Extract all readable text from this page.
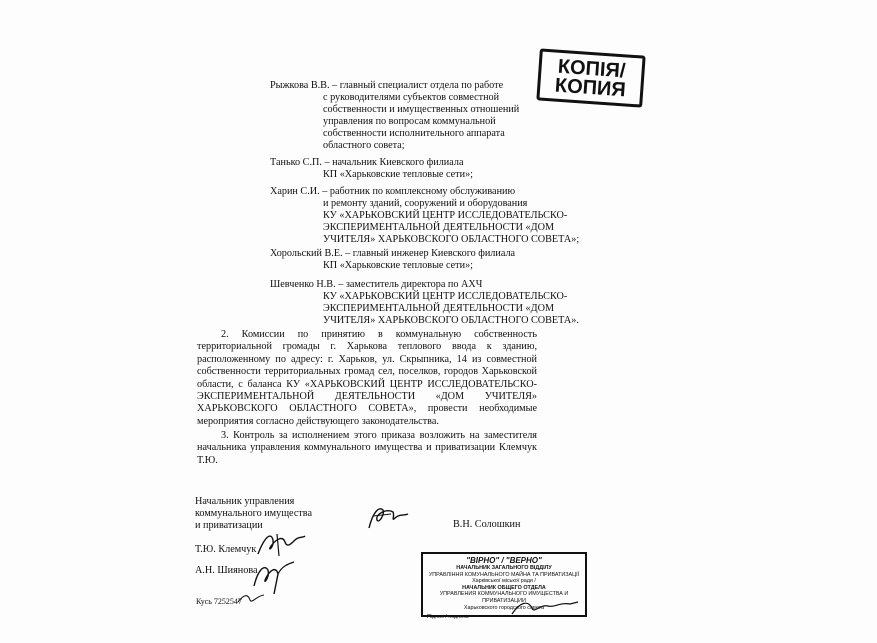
КОПІЯ/
КОПИЯ
Рыжкова В.В. – главный специалист отдела по работе
с руководителями субъектов совместной
собственности и имущественных отношений
управления по вопросам коммунальной
собственности исполнительного аппарата
областного совета;
Танько С.П. – начальник Киевского филиала
КП «Харьковские тепловые сети»;
Харин С.И. – работник по комплексному обслуживанию
и ремонту зданий, сооружений и оборудования
КУ «ХАРЬКОВСКИЙ ЦЕНТР ИССЛЕДОВАТЕЛЬСКО-
ЭКСПЕРИМЕНТАЛЬНОЙ ДЕЯТЕЛЬНОСТИ «ДОМ
УЧИТЕЛЯ» ХАРЬКОВСКОГО ОБЛАСТНОГО СОВЕТА»;
Хорольский В.Е. – главный инженер Киевского филиала
КП «Харьковские тепловые сети»;
Шевченко Н.В. – заместитель директора по АХЧ
КУ «ХАРЬКОВСКИЙ ЦЕНТР ИССЛЕДОВАТЕЛЬСКО-
ЭКСПЕРИМЕНТАЛЬНОЙ ДЕЯТЕЛЬНОСТИ «ДОМ
УЧИТЕЛЯ» ХАРЬКОВСКОГО ОБЛАСТНОГО СОВЕТА».
2. Комиссии по принятию в коммунальную собственность территориальной громады г. Харькова теплового ввода к зданию, расположенному по адресу: г. Харьков, ул. Скрыпника, 14 из совместной собственности территориальных громад сел, поселков, городов Харьковской области, с баланса КУ «ХАРЬКОВСКИЙ ЦЕНТР ИССЛЕДОВАТЕЛЬСКО-ЭКСПЕРИМЕНТАЛЬНОЙ ДЕЯТЕЛЬНОСТИ «ДОМ УЧИТЕЛЯ» ХАРЬКОВСКОГО ОБЛАСТНОГО СОВЕТА», провести необходимые мероприятия согласно действующего законодательства.
3. Контроль за исполнением этого приказа возложить на заместителя начальника управления коммунального имущества и приватизации Клемчук Т.Ю.
Начальник управления
коммунального имущества
и приватизации	В.Н. Солошкин
Т.Ю. Клемчук
А.Н. Шиянова
Кусь 7252547
"ВІРНО" / "ВЕРНО"
НАЧАЛЬНИК ЗАГАЛЬНОГО ВІДДІЛУ
УПРАВЛІННЯ КОМУНАЛЬНОГО МАЙНА ТА ПРИВАТИЗАЦІЇ
Харківської міської ради /
НАЧАЛЬНИК ОБЩЕГО ОТДЕЛА
УПРАВЛЕНИЯ КОММУНАЛЬНОГО ИМУЩЕСТВА И ПРИВАТИЗАЦИИ
Харьковского городского совета
Підпис / подпись
